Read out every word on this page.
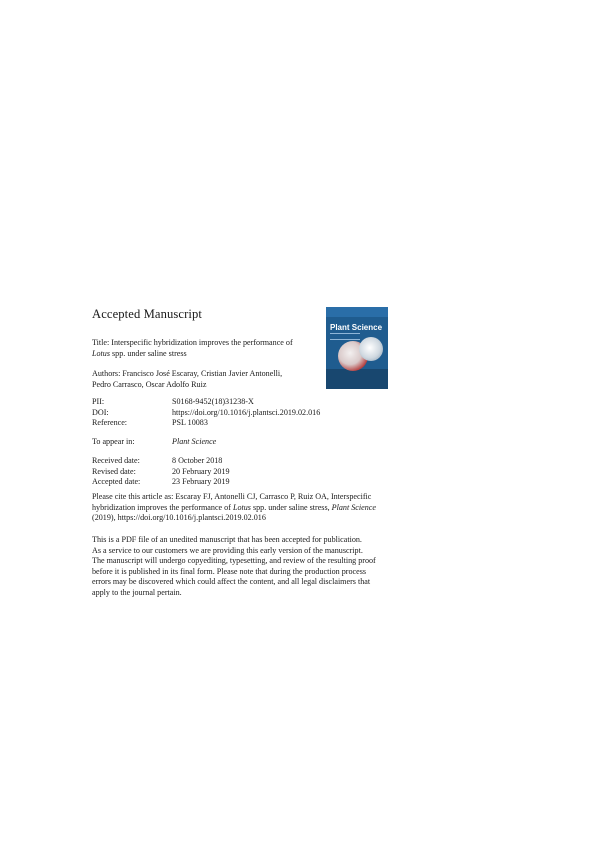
Accepted Manuscript
Title: Interspecific hybridization improves the performance of
Lotus spp. under saline stress
Authors: Francisco José Escaray, Cristian Javier Antonelli,
Pedro Carrasco, Oscar Adolfo Ruiz
PII:	S0168-9452(18)31238-X
DOI:	https://doi.org/10.1016/j.plantsci.2019.02.016
Reference:	PSL 10083
To appear in:	Plant Science
Received date:	8 October 2018
Revised date:	20 February 2019
Accepted date:	23 February 2019
Please cite this article as: Escaray FJ, Antonelli CJ, Carrasco P, Ruiz OA, Interspecific
hybridization improves the performance of Lotus spp. under saline stress, Plant Science
(2019), https://doi.org/10.1016/j.plantsci.2019.02.016
This is a PDF file of an unedited manuscript that has been accepted for publication.
As a service to our customers we are providing this early version of the manuscript.
The manuscript will undergo copyediting, typesetting, and review of the resulting proof
before it is published in its final form. Please note that during the production process
errors may be discovered which could affect the content, and all legal disclaimers that
apply to the journal pertain.
Plant Science
